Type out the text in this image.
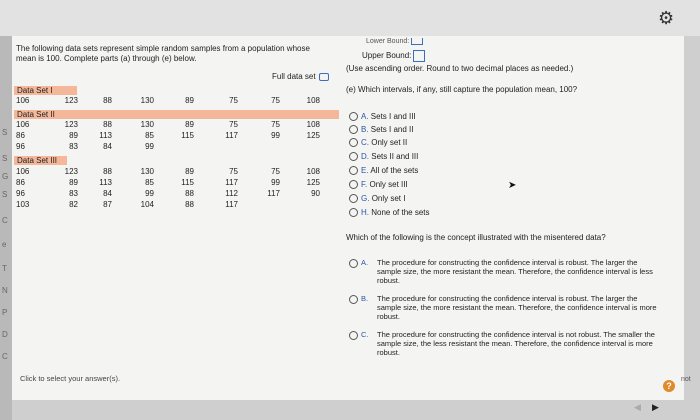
⚙
S
S
G
S
C
e
T
N
P
D
C
The following data sets represent simple random samples from a population whose mean is 100. Complete parts (a) through (e) below.
Full data set
Data Set I
106	123	88	130	89	75	75	108
Data Set II
106	123	88	130	89	75	75	108
86	89	113	85	115	117	99	125
96	83	84	99
Data Set III
106	123	88	130	89	75	75	108
86	89	113	85	115	117	99	125
96	83	84	99	88	112	117	90
103	82	87	104	88	117
Lower Bound:
Upper Bound:
(Use ascending order. Round to two decimal places as needed.)
(e) Which intervals, if any, still capture the population mean, 100?
A. Sets I and III
B. Sets I and II
C. Only set II
D. Sets II and III
E. All of the sets
F. Only set III
G. Only set I
H. None of the sets
Which of the following is the concept illustrated with the misentered data?
A. The procedure for constructing the confidence interval is robust. The larger the sample size, the more resistant the mean. Therefore, the confidence interval is less robust.
B. The procedure for constructing the confidence interval is robust. The larger the sample size, the more resistant the mean. Therefore, the confidence interval is more robust.
C. The procedure for constructing the confidence interval is not robust. The smaller the sample size, the less resistant the mean. Therefore, the confidence interval is more robust.
Click to select your answer(s).
?
not
◀ ▶
➤
